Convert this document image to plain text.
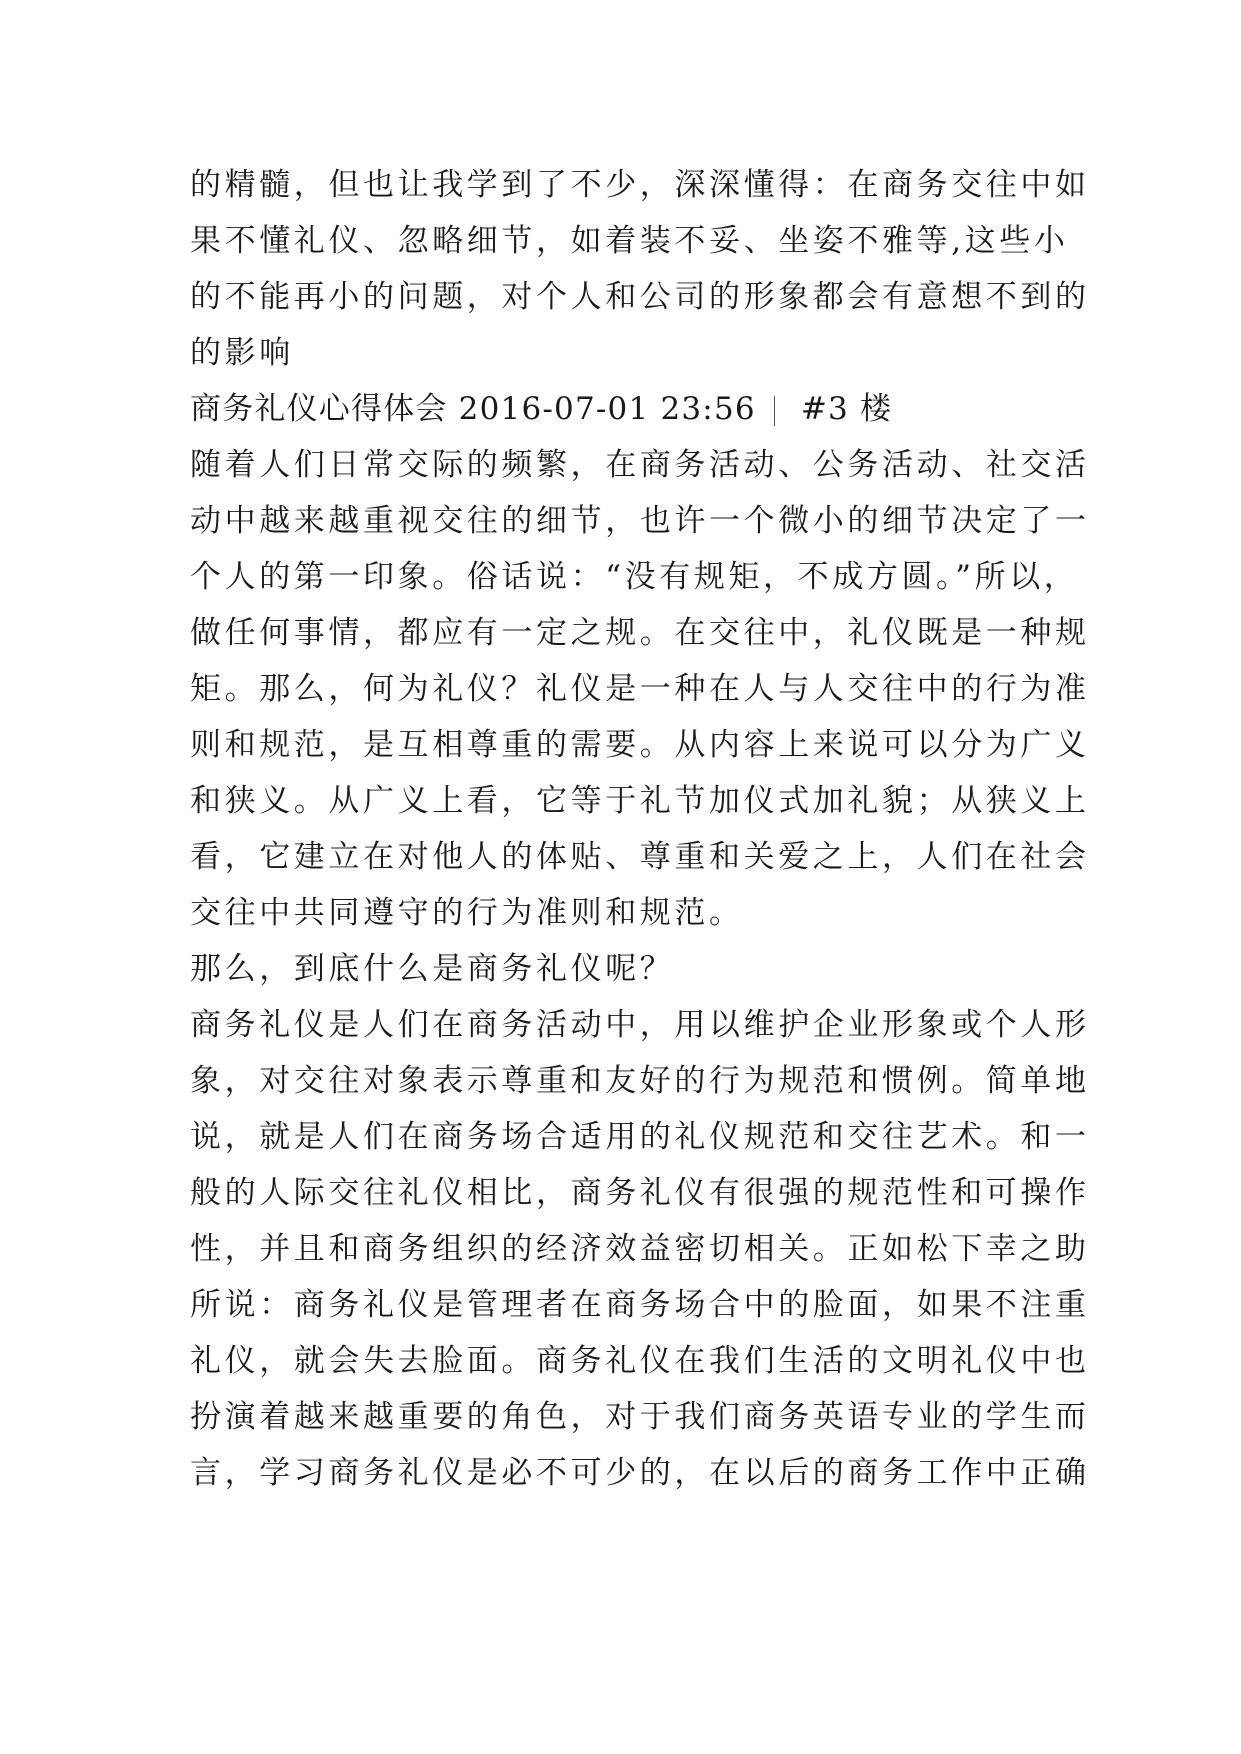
的精髓，但也让我学到了不少，深深懂得：在商务交往中如
果不懂礼仪、忽略细节，如着装不妥、坐姿不雅等,这些小
的不能再小的问题，对个人和公司的形象都会有意想不到的
的影响
商务礼仪心得体会 2016-07-01 23:56 #3 楼
随着人们日常交际的频繁，在商务活动、公务活动、社交活
动中越来越重视交往的细节，也许一个微小的细节决定了一
个人的第一印象。俗话说：“没有规矩，不成方圆。”所以，
做任何事情，都应有一定之规。在交往中，礼仪既是一种规
矩。那么，何为礼仪？礼仪是一种在人与人交往中的行为准
则和规范，是互相尊重的需要。从内容上来说可以分为广义
和狭义。从广义上看，它等于礼节加仪式加礼貌；从狭义上
看，它建立在对他人的体贴、尊重和关爱之上，人们在社会
交往中共同遵守的行为准则和规范。
那么，到底什么是商务礼仪呢？
商务礼仪是人们在商务活动中，用以维护企业形象或个人形
象，对交往对象表示尊重和友好的行为规范和惯例。简单地
说，就是人们在商务场合适用的礼仪规范和交往艺术。和一
般的人际交往礼仪相比，商务礼仪有很强的规范性和可操作
性，并且和商务组织的经济效益密切相关。正如松下幸之助
所说：商务礼仪是管理者在商务场合中的脸面，如果不注重
礼仪，就会失去脸面。商务礼仪在我们生活的文明礼仪中也
扮演着越来越重要的角色，对于我们商务英语专业的学生而
言，学习商务礼仪是必不可少的，在以后的商务工作中正确
